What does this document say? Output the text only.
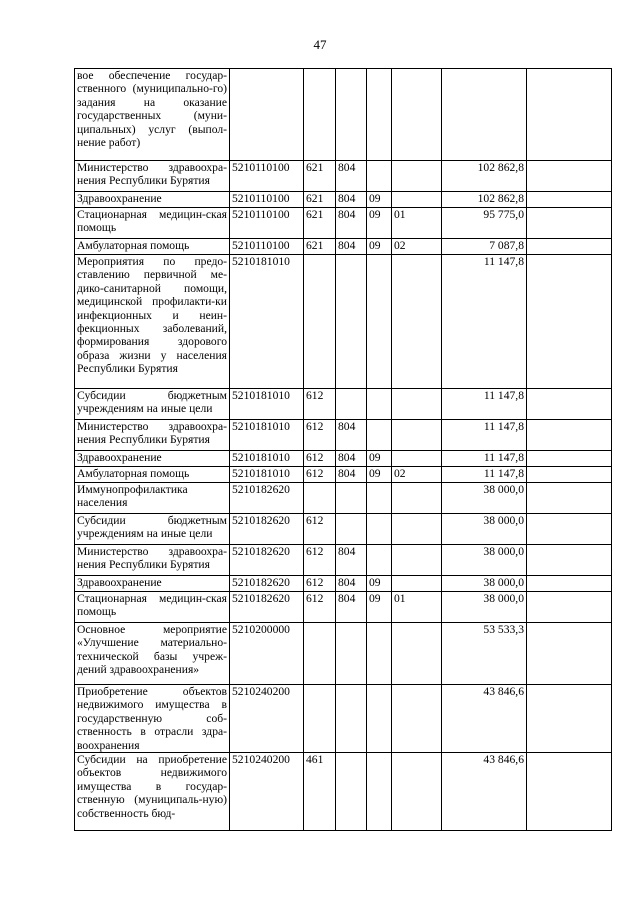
47
вое обеспечение государ-ственного (муниципально-го) задания на оказание государственных (муни-ципальных) услуг (выпол-нение работ)							
Министерство здравоохра-нения Республики Бурятия	5210110100	621	804			102 862,8	
Здравоохранение	5210110100	621	804	09		102 862,8	
Стационарная медицин-ская помощь	5210110100	621	804	09	01	95 775,0	
Амбулаторная помощь	5210110100	621	804	09	02	7 087,8	
Мероприятия по предо-ставлению первичной ме-дико-санитарной помощи, медицинской профилакти-ки инфекционных и неин-фекционных заболеваний, формирования здорового образа жизни у населения Республики Бурятия	5210181010					11 147,8	
Субсидии бюджетным учреждениям на иные цели	5210181010	612				11 147,8	
Министерство здравоохра-нения Республики Бурятия	5210181010	612	804			11 147,8	
Здравоохранение	5210181010	612	804	09		11 147,8	
Амбулаторная помощь	5210181010	612	804	09	02	11 147,8	
Иммунопрофилактика населения	5210182620					38 000,0	
Субсидии бюджетным учреждениям на иные цели	5210182620	612				38 000,0	
Министерство здравоохра-нения Республики Бурятия	5210182620	612	804			38 000,0	
Здравоохранение	5210182620	612	804	09		38 000,0	
Стационарная медицин-ская помощь	5210182620	612	804	09	01	38 000,0	
Основное мероприятие «Улучшение материально-технической базы учреж-дений здравоохранения»	5210200000					53 533,3	
Приобретение объектов недвижимого имущества в государственную соб-ственность в отрасли здра-воохранения	5210240200					43 846,6	
Субсидии на приобретение объектов недвижимого имущества в государ-ственную (муниципаль-ную) собственность бюд-	5210240200	461				43 846,6	
